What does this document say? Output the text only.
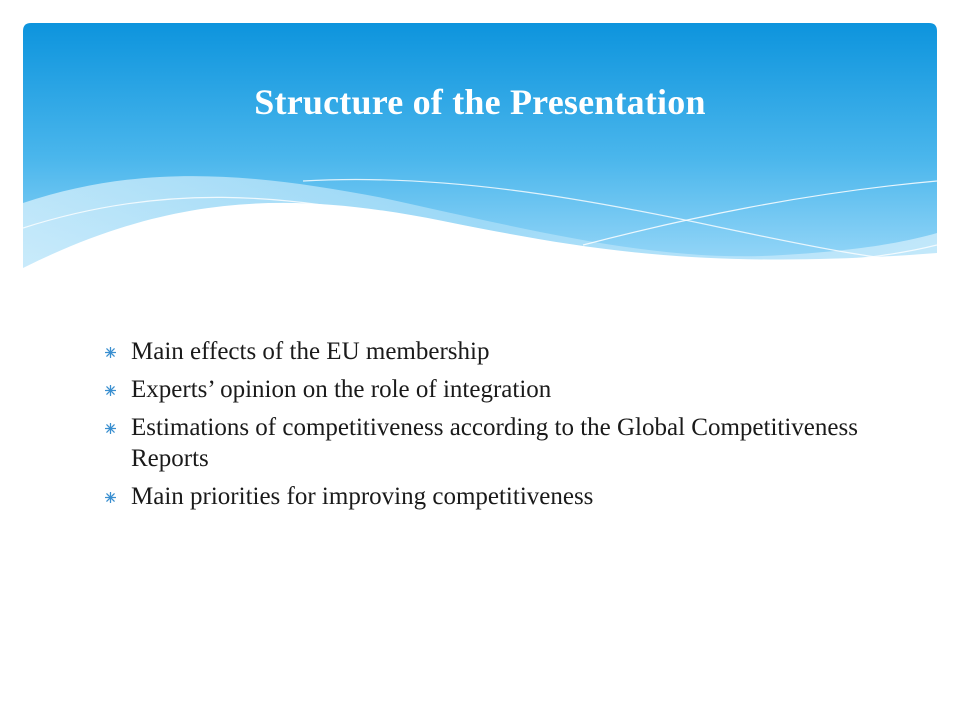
Structure of the Presentation
Main effects of the EU membership
Experts’ opinion on the role of integration
Estimations of competitiveness according to the Global Competitiveness Reports
Main priorities for improving competitiveness
